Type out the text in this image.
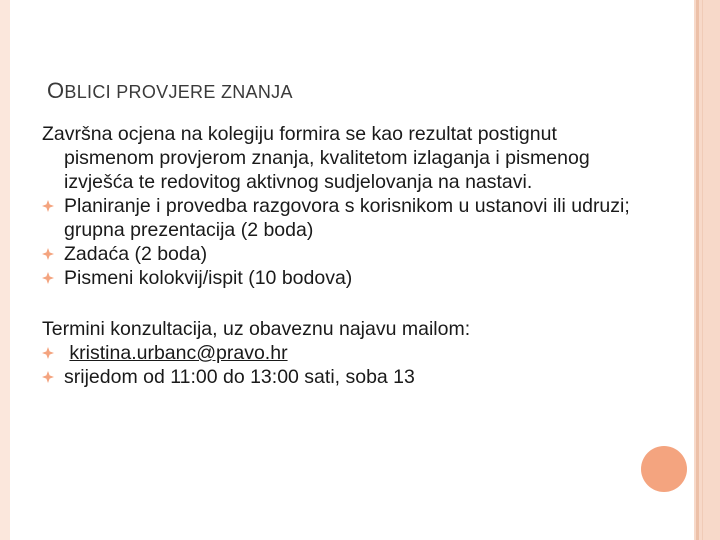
OBLICI PROVJERE ZNANJA

Završna ocjena na kolegiju formira se kao rezultat postignut pismenom provjerom znanja, kvalitetom izlaganja i pismenog izvješća te redovitog aktivnog sudjelovanja na nastavi.

Planiranje i provedba razgovora s korisnikom u ustanovi ili udruzi; grupna prezentacija (2 boda)

Zadaća (2 boda)

Pismeni kolokvij/ispit (10 bodova)

Termini konzultacija, uz obaveznu najavu mailom:

kristina.urbanc@pravo.hr

srijedom od 11:00 do 13:00 sati, soba 13
